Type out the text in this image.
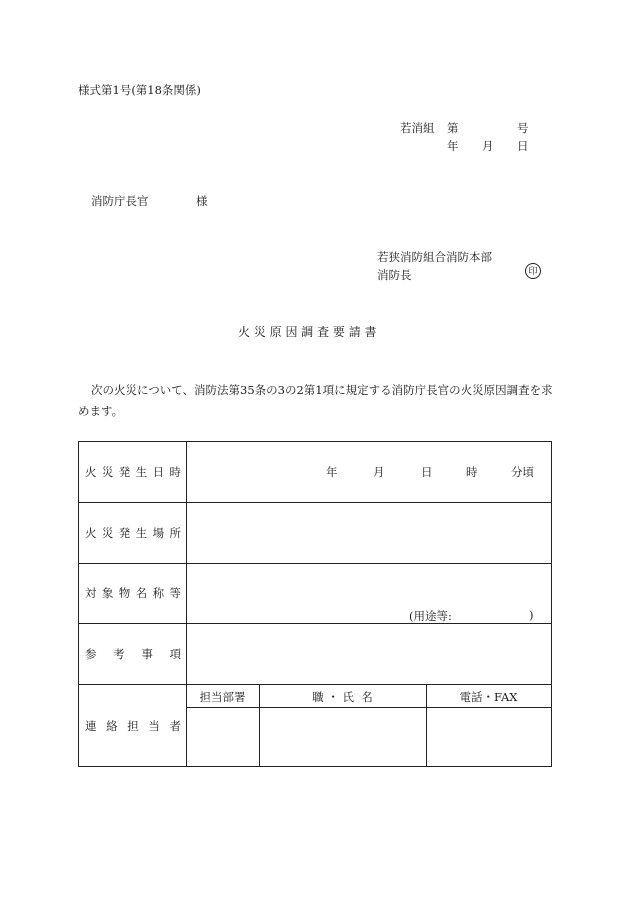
様式第1号(第18条関係)
若消組 第	号
年 月 日
消防庁長官	様
若狭消防組合消防本部
消防長	印
火 災 原 因 調 査 要 請 書
次の火災について、消防法第35条の3の2第1項に規定する消防庁長官の火災原因調査を求
めます。
火 災 発 生 日 時	年	月	日	時	分頃
火 災 発 生 場 所
対 象 物 名 称 等
(用途等:	)
参 考 事 項
連 絡 担 当 者
担当部署	職 ・ 氏  名	電話・FAX
